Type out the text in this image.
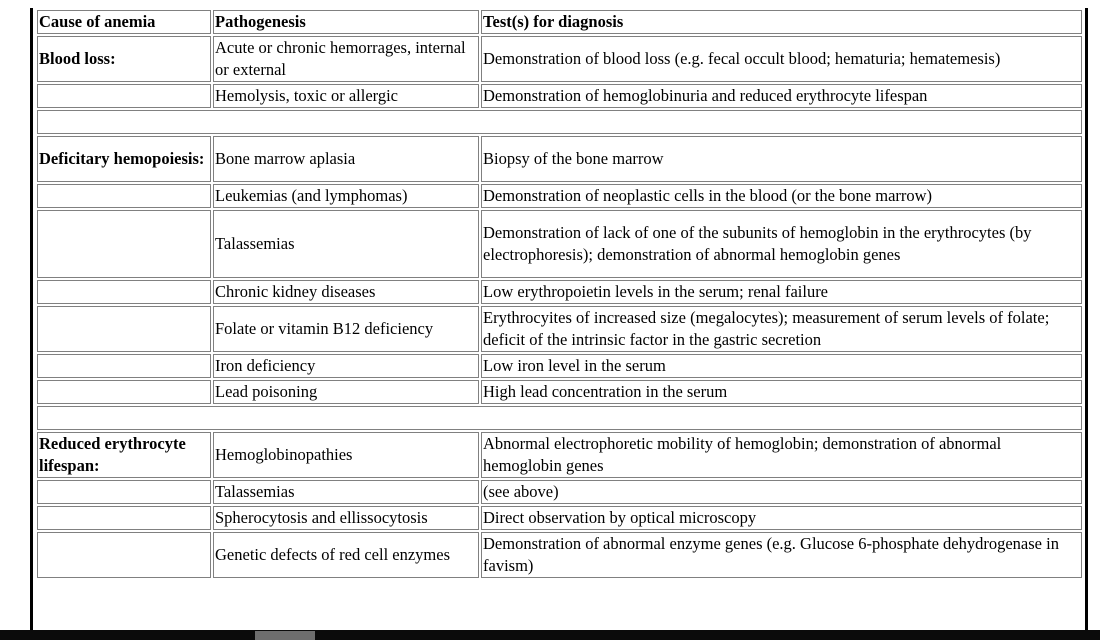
Cause of anemia	Pathogenesis	Test(s) for diagnosis
Blood loss:	Acute or chronic hemorrages, internal or external	Demonstration of blood loss (e.g. fecal occult blood; hematuria; hematemesis)
	Hemolysis, toxic or allergic	Demonstration of hemoglobinuria and reduced erythrocyte lifespan

Deficitary hemopoiesis:	Bone marrow aplasia	Biopsy of the bone marrow
	Leukemias (and lymphomas)	Demonstration of neoplastic cells in the blood (or the bone marrow)
	Talassemias	Demonstration of lack of one of the subunits of hemoglobin in the erythrocytes (by electrophoresis); demonstration of abnormal hemoglobin genes
	Chronic kidney diseases	Low erythropoietin levels in the serum; renal failure
	Folate or vitamin B12 deficiency	Erythrocyites of increased size (megalocytes); measurement of serum levels of folate; deficit of the intrinsic factor in the gastric secretion
	Iron deficiency	Low iron level in the serum
	Lead poisoning	High lead concentration in the serum

Reduced erythrocyte lifespan:	Hemoglobinopathies	Abnormal electrophoretic mobility of hemoglobin; demonstration of abnormal hemoglobin genes
	Talassemias	(see above)
	Spherocytosis and ellissocytosis	Direct observation by optical microscopy
	Genetic defects of red cell enzymes	Demonstration of abnormal enzyme genes (e.g. Glucose 6-phosphate dehydrogenase in favism)
